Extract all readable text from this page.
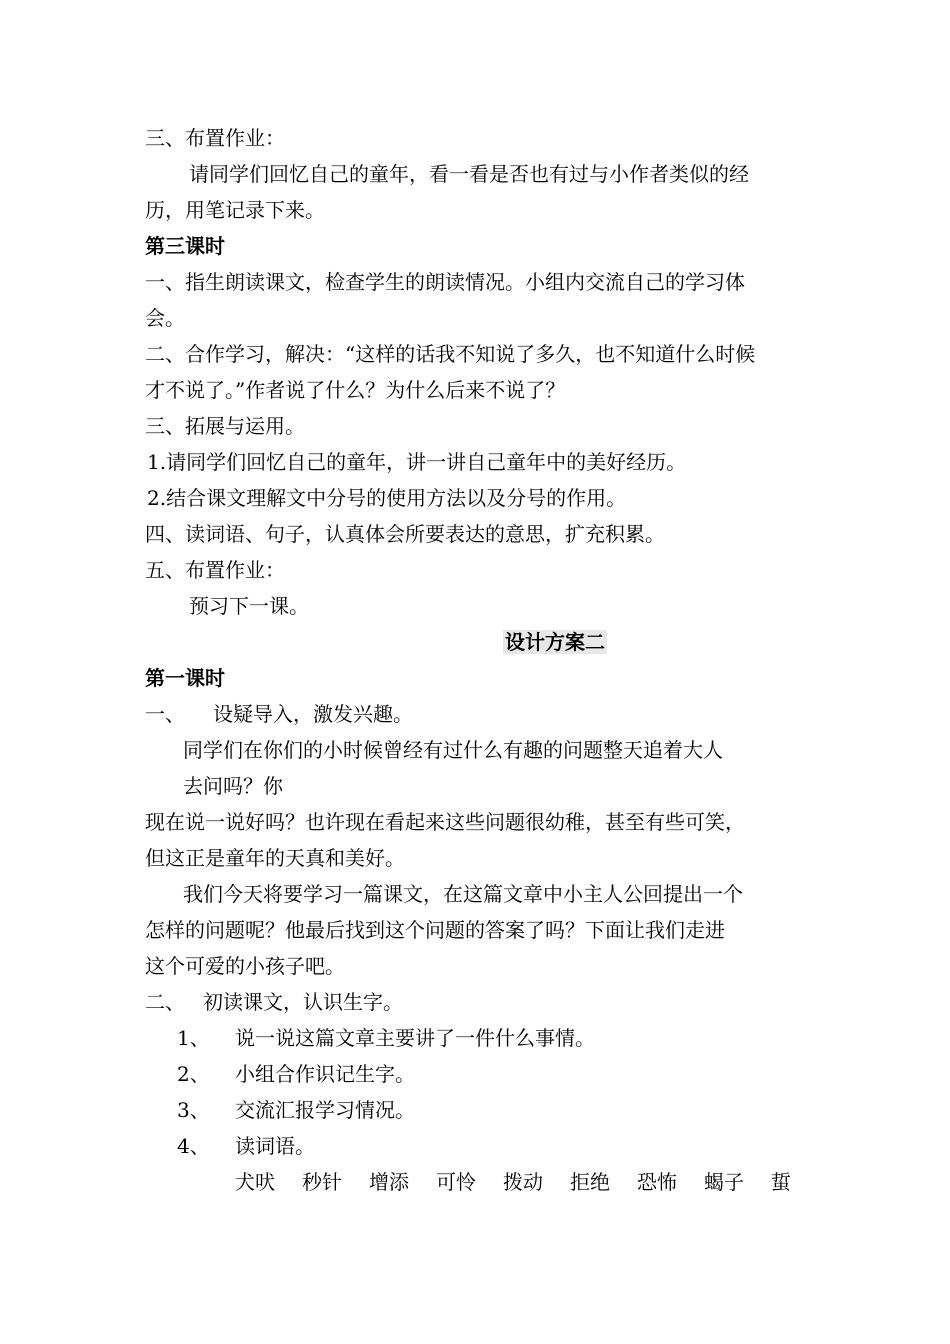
三、布置作业：
请同学们回忆自己的童年，看一看是否也有过与小作者类似的经
历，用笔记录下来。
第三课时
一、指生朗读课文，检查学生的朗读情况。小组内交流自己的学习体
会。
二、合作学习，解决：“这样的话我不知说了多久，也不知道什么时候
才不说了。”作者说了什么？为什么后来不说了？
三、拓展与运用。
1.请同学们回忆自己的童年，讲一讲自己童年中的美好经历。
2.结合课文理解文中分号的使用方法以及分号的作用。
四、读词语、句子，认真体会所要表达的意思，扩充积累。
五、布置作业：
预习下一课。
设计方案二
第一课时
一、 设疑导入，激发兴趣。
同学们在你们的小时候曾经有过什么有趣的问题整天追着大人
去问吗？你
现在说一说好吗？也许现在看起来这些问题很幼稚，甚至有些可笑，
但这正是童年的天真和美好。
我们今天将要学习一篇课文，在这篇文章中小主人公回提出一个
怎样的问题呢？他最后找到这个问题的答案了吗？下面让我们走进
这个可爱的小孩子吧。
二、 初读课文，认识生字。
1、 说一说这篇文章主要讲了一件什么事情。
2、 小组合作识记生字。
3、 交流汇报学习情况。
4、 读词语。
犬吠 秒针 增添 可怜 拨动 拒绝 恐怖 蝎子 蜇
